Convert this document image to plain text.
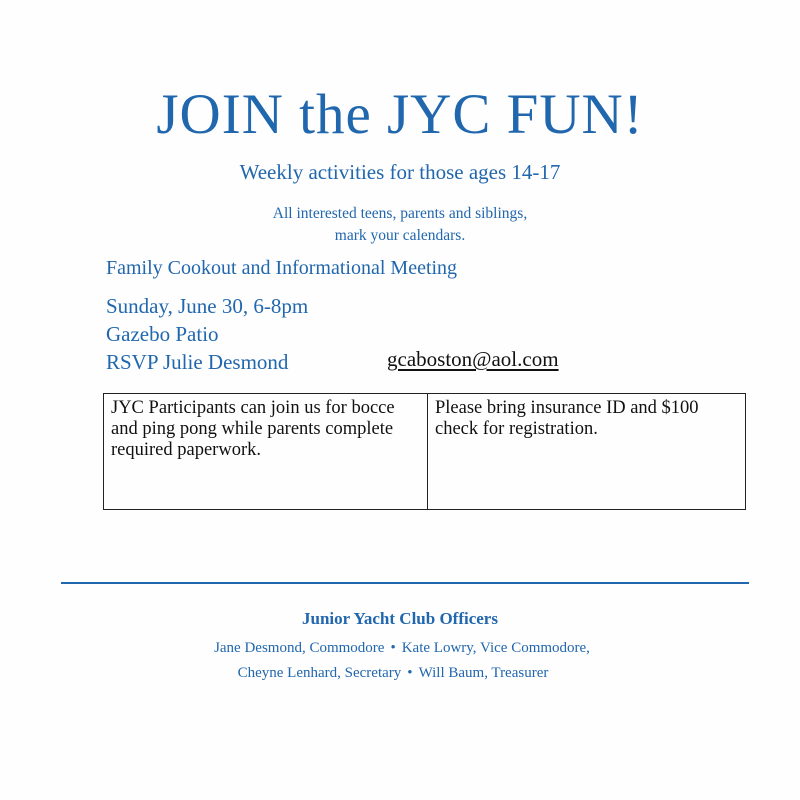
JOIN the JYC FUN!
Weekly activities for those ages 14-17
All interested teens, parents and siblings,
mark your calendars.
Family Cookout and Informational Meeting
Sunday, June 30, 6-8pm
Gazebo Patio
RSVP Julie Desmond	gcaboston@aol.com
JYC Participants can join us for bocce and ping pong while parents complete required paperwork.
Please bring insurance ID and $100 check for registration.
Junior Yacht Club Officers
Jane Desmond, Commodore • Kate Lowry, Vice Commodore,
Cheyne Lenhard, Secretary • Will Baum, Treasurer
